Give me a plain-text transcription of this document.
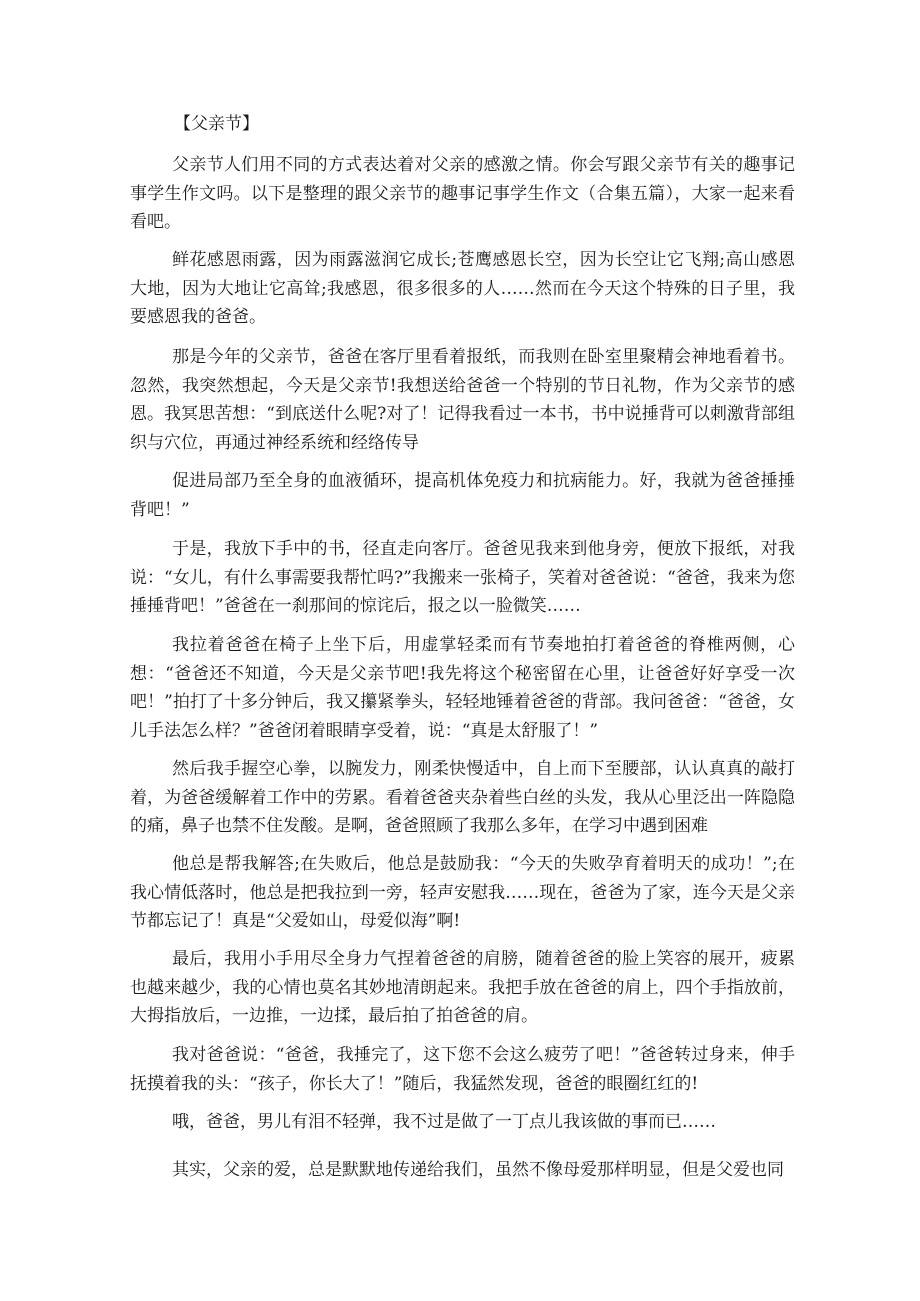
【父亲节】

父亲节人们用不同的方式表达着对父亲的感激之情。你会写跟父亲节有关的趣事记事学生作文吗。以下是整理的跟父亲节的趣事记事学生作文（合集五篇），大家一起来看看吧。

鲜花感恩雨露，因为雨露滋润它成长;苍鹰感恩长空，因为长空让它飞翔;高山感恩大地，因为大地让它高耸;我感恩，很多很多的人……然而在今天这个特殊的日子里，我要感恩我的爸爸。

那是今年的父亲节，爸爸在客厅里看着报纸，而我则在卧室里聚精会神地看着书。忽然，我突然想起，今天是父亲节!我想送给爸爸一个特别的节日礼物，作为父亲节的感恩。我冥思苦想：“到底送什么呢?对了！记得我看过一本书，书中说捶背可以刺激背部组织与穴位，再通过神经系统和经络传导

促进局部乃至全身的血液循环，提高机体免疫力和抗病能力。好，我就为爸爸捶捶背吧！”

于是，我放下手中的书，径直走向客厅。爸爸见我来到他身旁，便放下报纸，对我说：“女儿，有什么事需要我帮忙吗?”我搬来一张椅子，笑着对爸爸说：“爸爸，我来为您捶捶背吧！”爸爸在一刹那间的惊诧后，报之以一脸微笑……

我拉着爸爸在椅子上坐下后，用虚掌轻柔而有节奏地拍打着爸爸的脊椎两侧，心想：“爸爸还不知道，今天是父亲节吧!我先将这个秘密留在心里，让爸爸好好享受一次吧！”拍打了十多分钟后，我又攥紧拳头，轻轻地锤着爸爸的背部。我问爸爸：“爸爸，女儿手法怎么样？”爸爸闭着眼睛享受着，说：“真是太舒服了！”

然后我手握空心拳，以腕发力，刚柔快慢适中，自上而下至腰部，认认真真的敲打着，为爸爸缓解着工作中的劳累。看着爸爸夹杂着些白丝的头发，我从心里泛出一阵隐隐的痛，鼻子也禁不住发酸。是啊，爸爸照顾了我那么多年，在学习中遇到困难

他总是帮我解答;在失败后，他总是鼓励我：“今天的失败孕育着明天的成功！”;在我心情低落时，他总是把我拉到一旁，轻声安慰我……现在，爸爸为了家，连今天是父亲节都忘记了！真是“父爱如山，母爱似海”啊!

最后，我用小手用尽全身力气捏着爸爸的肩膀，随着爸爸的脸上笑容的展开，疲累也越来越少，我的心情也莫名其妙地清朗起来。我把手放在爸爸的肩上，四个手指放前，大拇指放后，一边推，一边揉，最后拍了拍爸爸的肩。

我对爸爸说：“爸爸，我捶完了，这下您不会这么疲劳了吧！”爸爸转过身来，伸手抚摸着我的头：“孩子，你长大了！”随后，我猛然发现，爸爸的眼圈红红的!

哦，爸爸，男儿有泪不轻弹，我不过是做了一丁点儿我该做的事而已……

其实，父亲的爱，总是默默地传递给我们，虽然不像母爱那样明显，但是父爱也同
